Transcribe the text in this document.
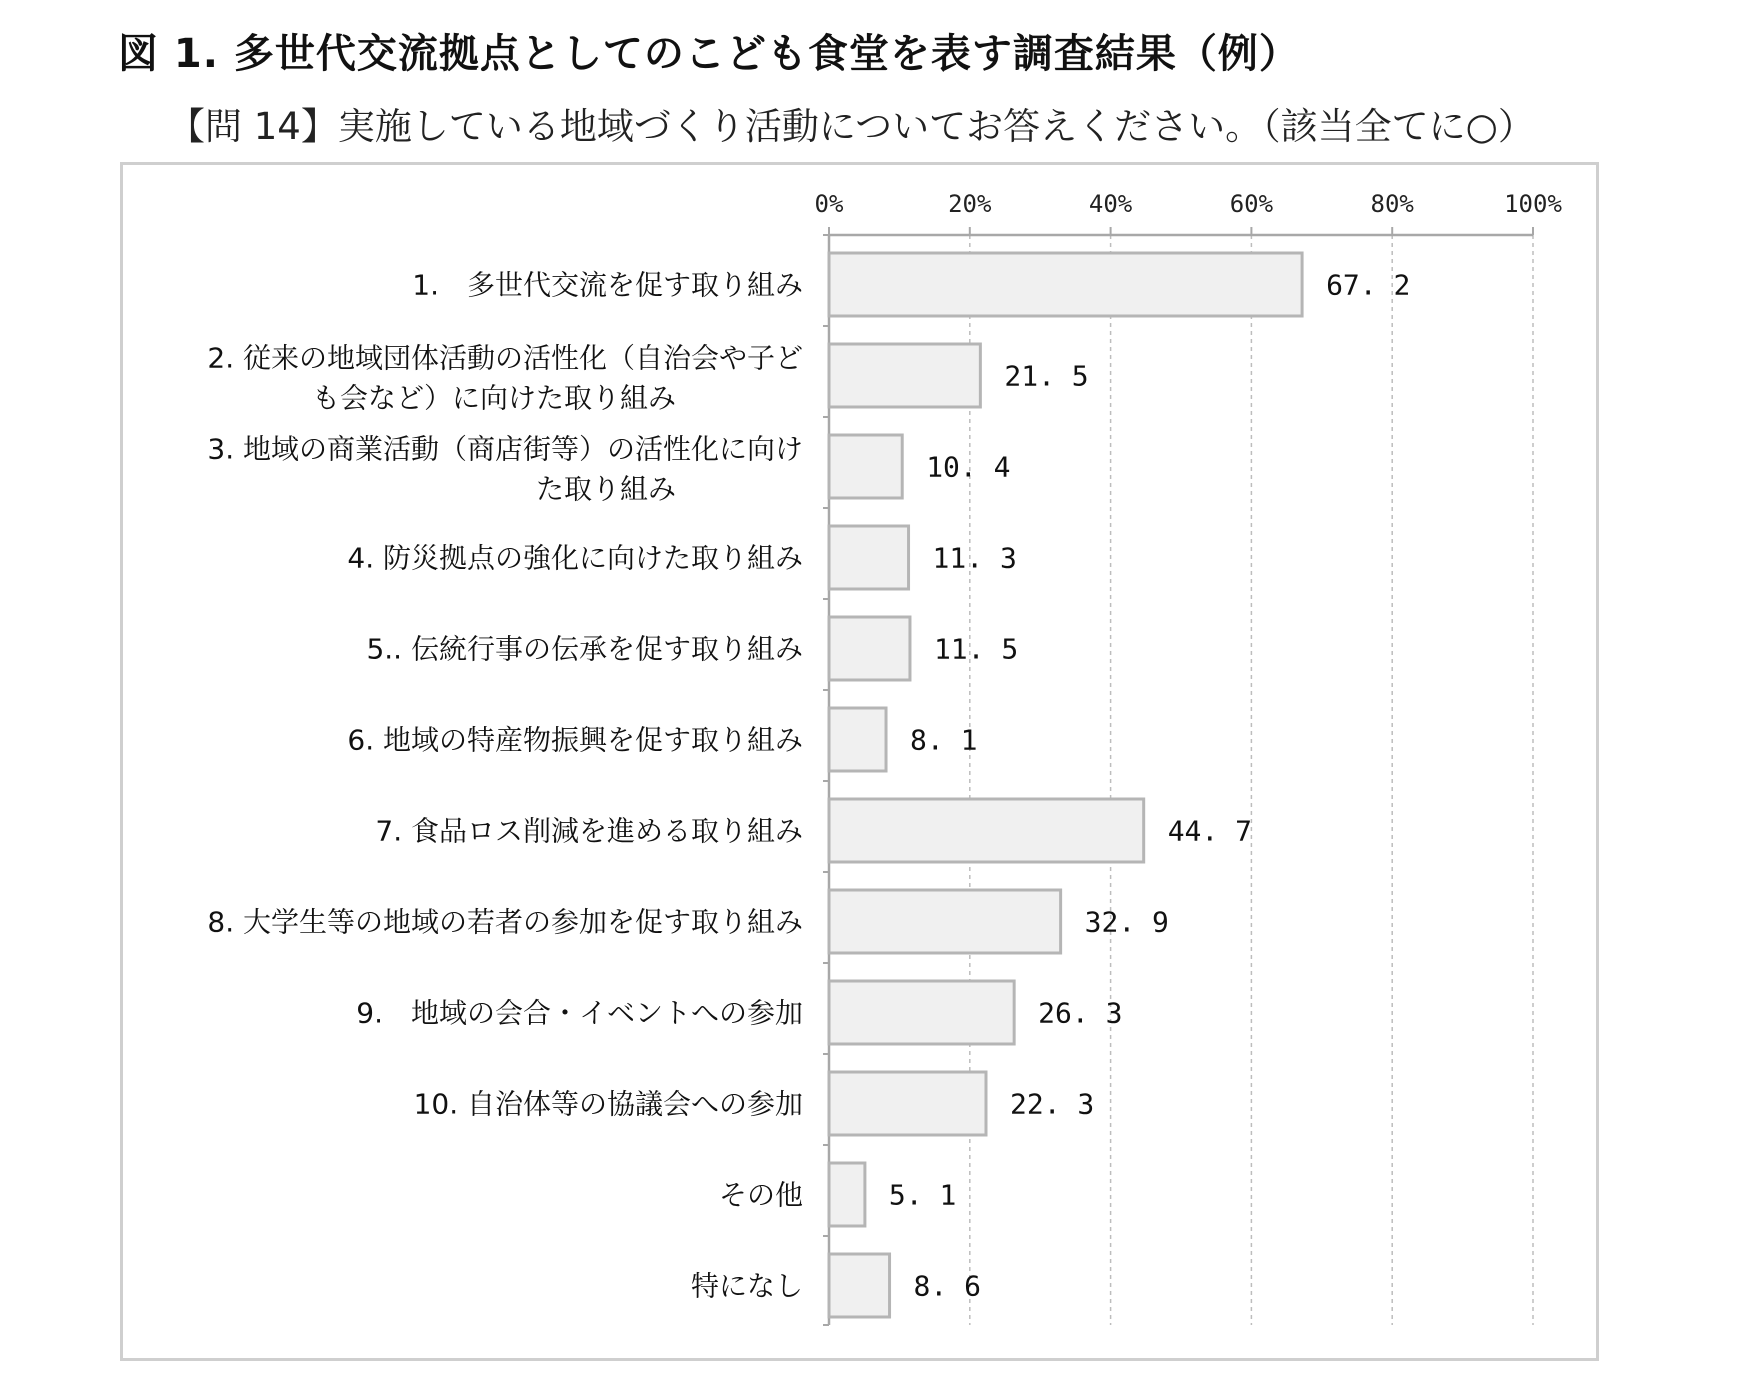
図 1. 多世代交流拠点としてのこども食堂を表す調査結果（例）
【問 14】実施している地域づくり活動についてお答えください。（該当全てに○）
0%	20%	40%	60%	80%	100%
67. 2
1.　多世代交流を促す取り組み
21. 5
2. 従来の地域団体活動の活性化（自治会や子ど
も会など）に向けた取り組み
10. 4
3. 地域の商業活動（商店街等）の活性化に向け
た取り組み
11. 3
4. 防災拠点の強化に向けた取り組み
11. 5
5.. 伝統行事の伝承を促す取り組み
8. 1
6. 地域の特産物振興を促す取り組み
44. 7
7. 食品ロス削減を進める取り組み
32. 9
8. 大学生等の地域の若者の参加を促す取り組み
26. 3
9.　地域の会合・イベントへの参加
22. 3
10. 自治体等の協議会への参加
5. 1
その他
8. 6
特になし
